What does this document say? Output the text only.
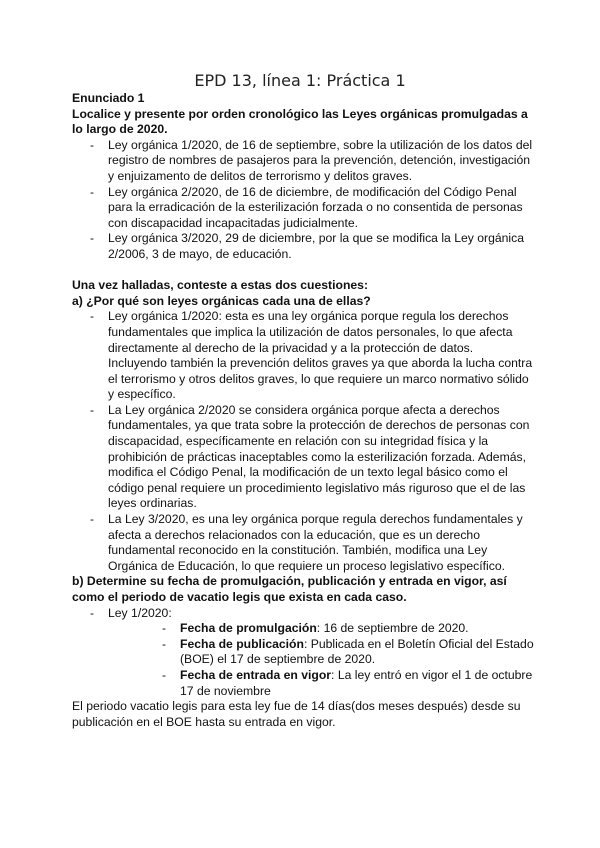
EPD 13, línea 1: Práctica 1
Enunciado 1
Localice y presente por orden cronológico las Leyes orgánicas promulgadas a lo largo de 2020.
- Ley orgánica 1/2020, de 16 de septiembre, sobre la utilización de los datos del registro de nombres de pasajeros para la prevención, detención, investigación y enjuizamento de delitos de terrorismo y delitos graves.
- Ley orgánica 2/2020, de 16 de diciembre, de modificación del Código Penal para la erradicación de la esterilización forzada o no consentida de personas con discapacidad incapacitadas judicialmente.
- Ley orgánica 3/2020, 29 de diciembre, por la que se modifica la Ley orgánica 2/2006, 3 de mayo, de educación.
Una vez halladas, conteste a estas dos cuestiones:
a) ¿Por qué son leyes orgánicas cada una de ellas?
- Ley orgánica 1/2020: esta es una ley orgánica porque regula los derechos fundamentales que implica la utilización de datos personales, lo que afecta directamente al derecho de la privacidad y a la protección de datos. Incluyendo también la prevención delitos graves ya que aborda la lucha contra el terrorismo y otros delitos graves, lo que requiere un marco normativo sólido y específico.
- La Ley orgánica 2/2020 se considera orgánica porque afecta a derechos fundamentales, ya que trata sobre la protección de derechos de personas con discapacidad, específicamente en relación con su integridad física y la prohibición de prácticas inaceptables como la esterilización forzada. Además, modifica el Código Penal, la modificación de un texto legal básico como el código penal requiere un procedimiento legislativo más riguroso que el de las leyes ordinarias.
- La Ley 3/2020, es una ley orgánica porque regula derechos fundamentales y afecta a derechos relacionados con la educación, que es un derecho fundamental reconocido en la constitución. También, modifica una Ley Orgánica de Educación, lo que requiere un proceso legislativo específico.
b) Determine su fecha de promulgación, publicación y entrada en vigor, así como el periodo de vacatio legis que exista en cada caso.
- Ley 1/2020:
- Fecha de promulgación: 16 de septiembre de 2020.
- Fecha de publicación: Publicada en el Boletín Oficial del Estado (BOE) el 17 de septiembre de 2020.
- Fecha de entrada en vigor: La ley entró en vigor el 1 de octubre 17 de noviembre

El periodo vacatio legis para esta ley fue de 14 días(dos meses después) desde su publicación en el BOE hasta su entrada en vigor.
